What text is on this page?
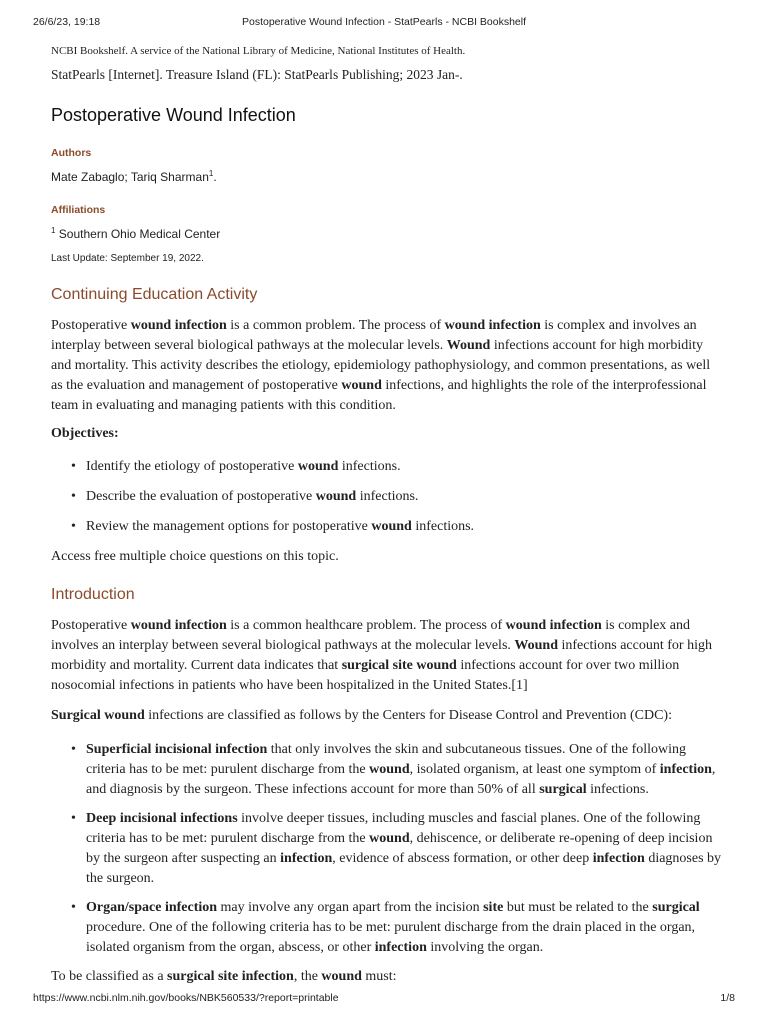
26/6/23, 19:18	Postoperative Wound Infection - StatPearls - NCBI Bookshelf

NCBI Bookshelf. A service of the National Library of Medicine, National Institutes of Health.

StatPearls [Internet]. Treasure Island (FL): StatPearls Publishing; 2023 Jan-.

Postoperative Wound Infection

Authors

Mate Zabaglo; Tariq Sharman$^1$.

Affiliations

$^1$ Southern Ohio Medical Center

Last Update: September 19, 2022.

Continuing Education Activity

Postoperative wound infection is a common problem. The process of wound infection is complex and involves an interplay between several biological pathways at the molecular levels. Wound infections account for high morbidity and mortality. This activity describes the etiology, epidemiology pathophysiology, and common presentations, as well as the evaluation and management of postoperative wound infections, and highlights the role of the interprofessional team in evaluating and managing patients with this condition.

Objectives:

• Identify the etiology of postoperative wound infections.
• Describe the evaluation of postoperative wound infections.
• Review the management options for postoperative wound infections.

Access free multiple choice questions on this topic.

Introduction

Postoperative wound infection is a common healthcare problem. The process of wound infection is complex and involves an interplay between several biological pathways at the molecular levels. Wound infections account for high morbidity and mortality. Current data indicates that surgical site wound infections account for over two million nosocomial infections in patients who have been hospitalized in the United States.[1]

Surgical wound infections are classified as follows by the Centers for Disease Control and Prevention (CDC):

• Superficial incisional infection that only involves the skin and subcutaneous tissues. One of the following criteria has to be met: purulent discharge from the wound, isolated organism, at least one symptom of infection, and diagnosis by the surgeon. These infections account for more than 50% of all surgical infections.
• Deep incisional infections involve deeper tissues, including muscles and fascial planes. One of the following criteria has to be met: purulent discharge from the wound, dehiscence, or deliberate re-opening of deep incision by the surgeon after suspecting an infection, evidence of abscess formation, or other deep infection diagnoses by the surgeon.
• Organ/space infection may involve any organ apart from the incision site but must be related to the surgical procedure. One of the following criteria has to be met: purulent discharge from the drain placed in the organ, isolated organism from the organ, abscess, or other infection involving the organ.

To be classified as a surgical site infection, the wound must:

https://www.ncbi.nlm.nih.gov/books/NBK560533/?report=printable	1/8
